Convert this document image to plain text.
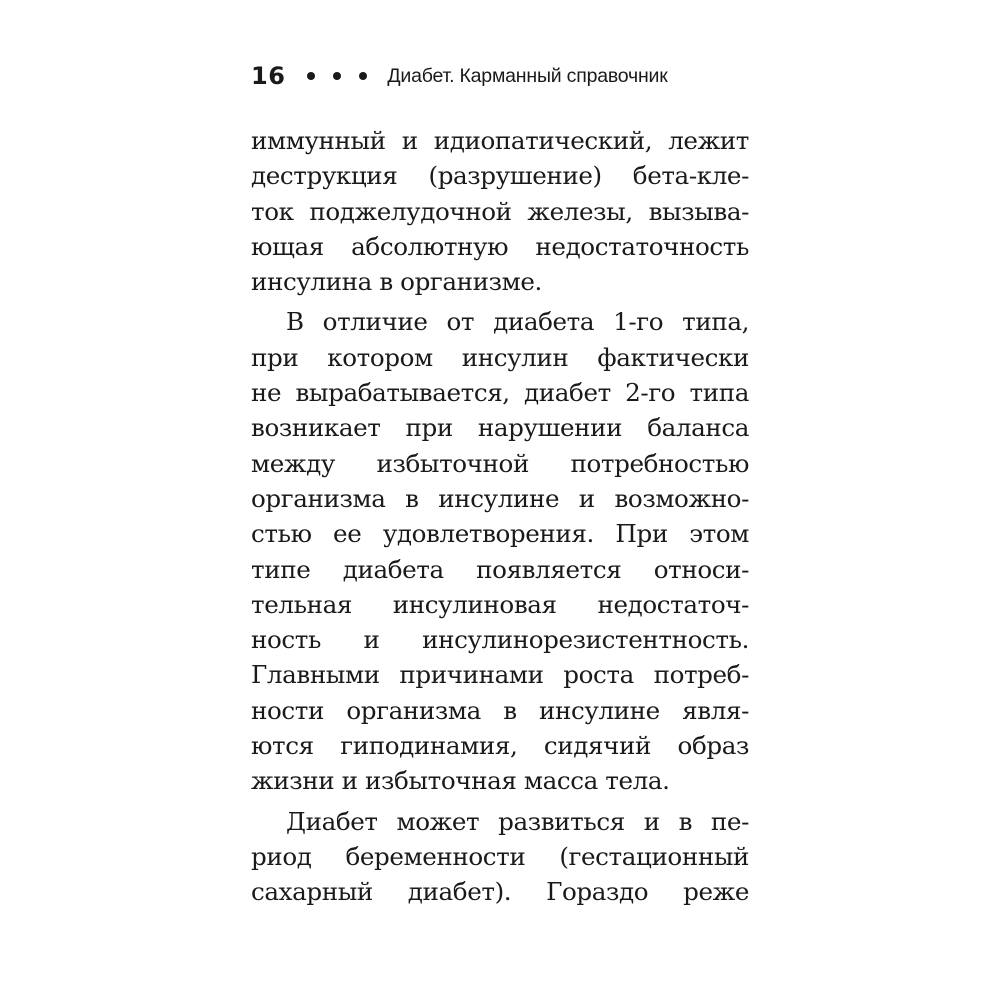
16	Диабет. Карманный справочник
иммунный и идиопатический, лежит
деструкция (разрушение) бета-кле-
ток поджелудочной железы, вызыва-
ющая абсолютную недостаточность
инсулина в организме.
В отличие от диабета 1-го типа,
при котором инсулин фактически
не вырабатывается, диабет 2-го типа
возникает при нарушении баланса
между избыточной потребностью
организма в инсулине и возможно-
стью ее удовлетворения. При этом
типе диабета появляется относи-
тельная инсулиновая недостаточ-
ность и инсулинорезистентность.
Главными причинами роста потреб-
ности организма в инсулине явля-
ются гиподинамия, сидячий образ
жизни и избыточная масса тела.
Диабет может развиться и в пе-
риод беременности (гестационный
сахарный диабет). Гораздо реже
